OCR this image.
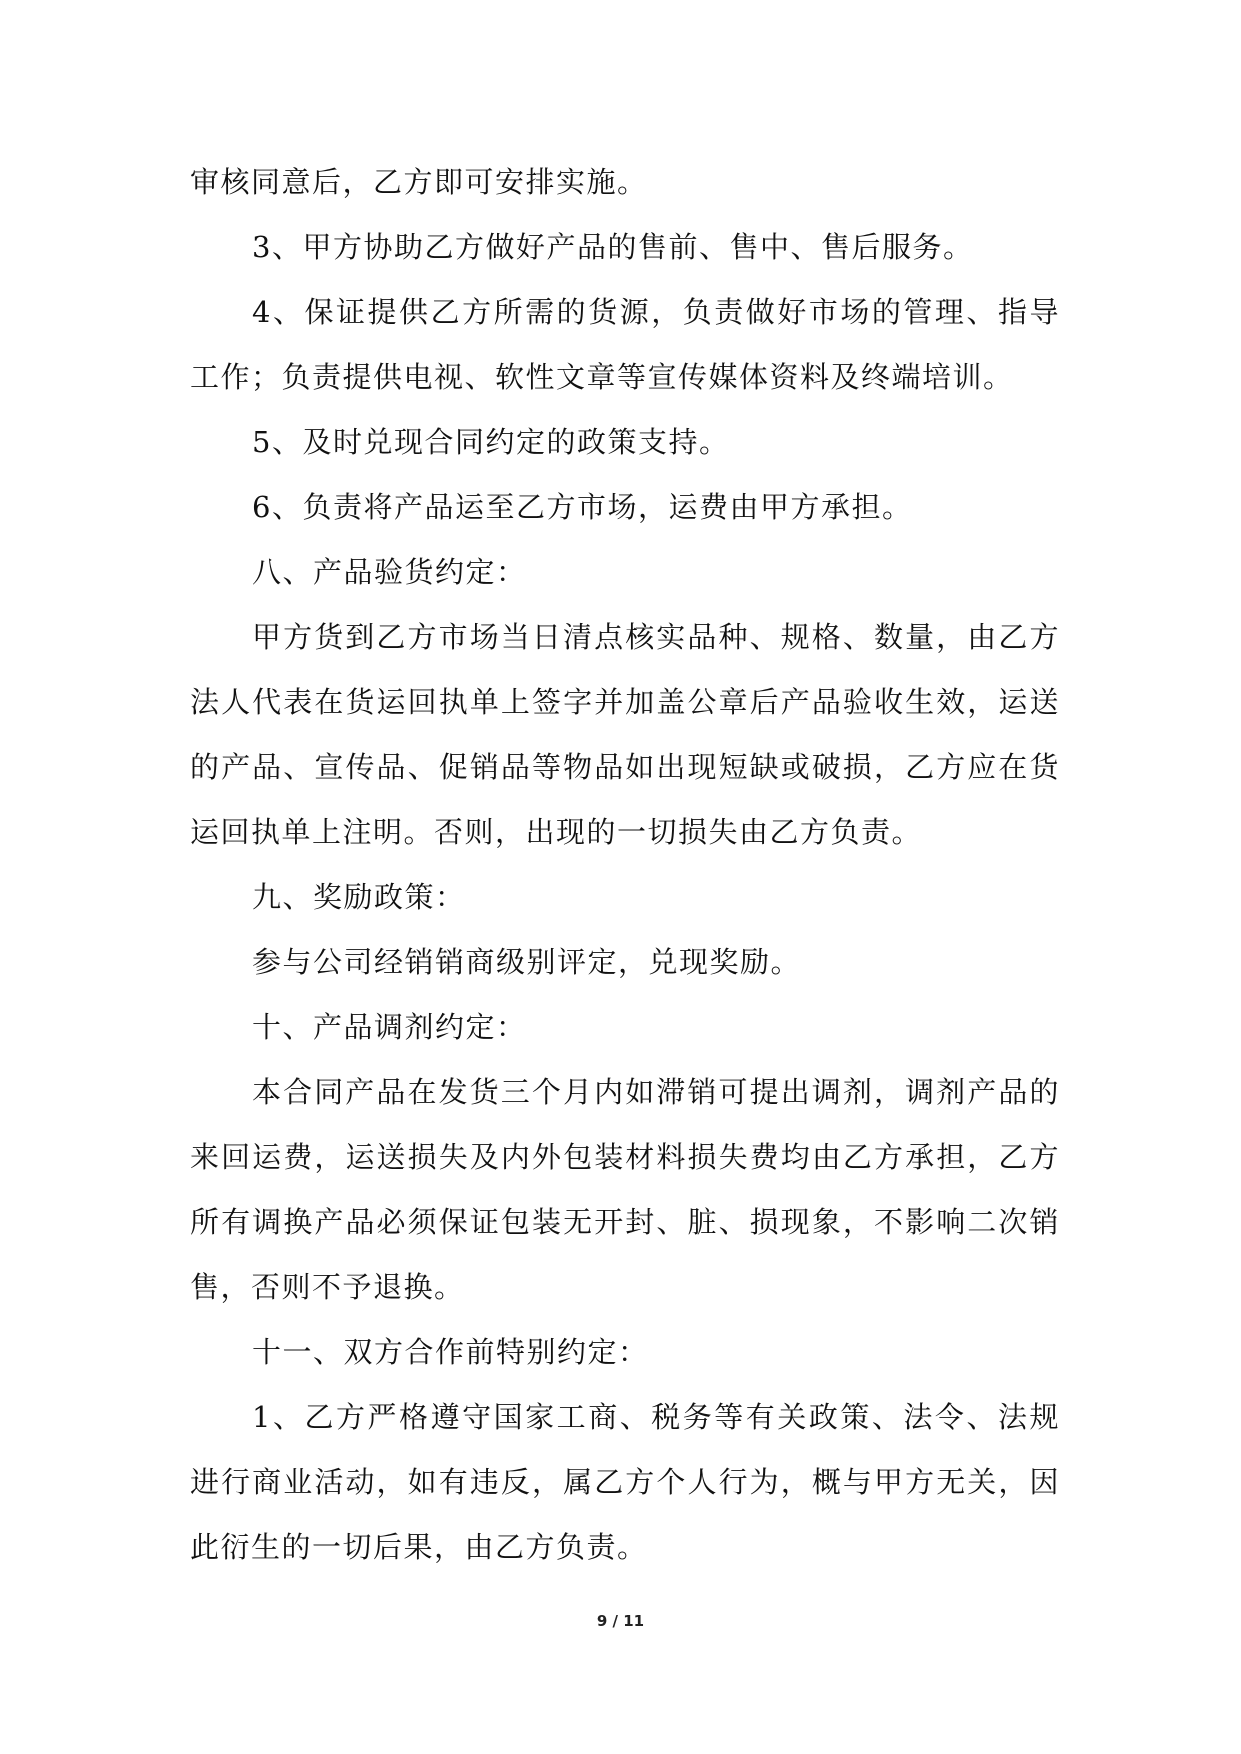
审核同意后，乙方即可安排实施。

3、甲方协助乙方做好产品的售前、售中、售后服务。

4、保证提供乙方所需的货源，负责做好市场的管理、指导工作；负责提供电视、软性文章等宣传媒体资料及终端培训。

5、及时兑现合同约定的政策支持。

6、负责将产品运至乙方市场，运费由甲方承担。

八、产品验货约定：

甲方货到乙方市场当日清点核实品种、规格、数量，由乙方法人代表在货运回执单上签字并加盖公章后产品验收生效，运送的产品、宣传品、促销品等物品如出现短缺或破损，乙方应在货运回执单上注明。否则，出现的一切损失由乙方负责。

九、奖励政策：

参与公司经销销商级别评定，兑现奖励。

十、产品调剂约定：

本合同产品在发货三个月内如滞销可提出调剂，调剂产品的来回运费，运送损失及内外包装材料损失费均由乙方承担，乙方所有调换产品必须保证包装无开封、脏、损现象，不影响二次销售，否则不予退换。

十一、双方合作前特别约定：

1、乙方严格遵守国家工商、税务等有关政策、法令、法规进行商业活动，如有违反，属乙方个人行为，概与甲方无关，因此衍生的一切后果，由乙方负责。

9 / 11
